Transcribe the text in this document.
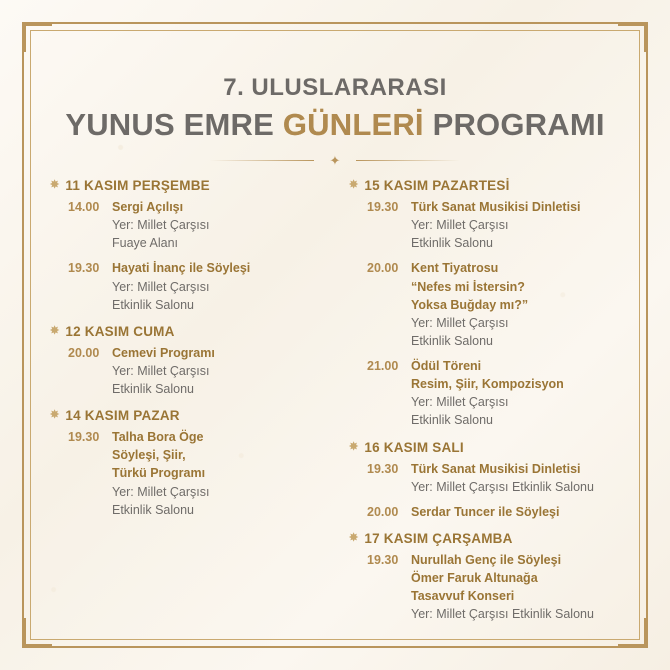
7. ULUSLARARASI
YUNUS EMRE GÜNLERİ PROGRAMI
✦
✸ 11 KASIM PERŞEMBE
14.00	Sergi Açılışı
Yer: Millet Çarşısı
Fuaye Alanı
19.30	Hayati İnanç ile Söyleşi
Yer: Millet Çarşısı
Etkinlik Salonu
✸ 12 KASIM CUMA
20.00	Cemevi Programı
Yer: Millet Çarşısı
Etkinlik Salonu
✸ 14 KASIM PAZAR
19.30	Talha Bora Öge
Söyleşi, Şiir,
Türkü Programı
Yer: Millet Çarşısı
Etkinlik Salonu
✸ 15 KASIM PAZARTESİ
19.30	Türk Sanat Musikisi Dinletisi
Yer: Millet Çarşısı
Etkinlik Salonu
20.00	Kent Tiyatrosu
“Nefes mi İstersin?
Yoksa Buğday mı?”
Yer: Millet Çarşısı
Etkinlik Salonu
21.00	Ödül Töreni
Resim, Şiir, Kompozisyon
Yer: Millet Çarşısı
Etkinlik Salonu
✸ 16 KASIM SALI
19.30	Türk Sanat Musikisi Dinletisi
Yer: Millet Çarşısı Etkinlik Salonu
20.00	Serdar Tuncer ile Söyleşi
✸ 17 KASIM ÇARŞAMBA
19.30	Nurullah Genç ile Söyleşi
Ömer Faruk Altunağa
Tasavvuf Konseri
Yer: Millet Çarşısı Etkinlik Salonu
